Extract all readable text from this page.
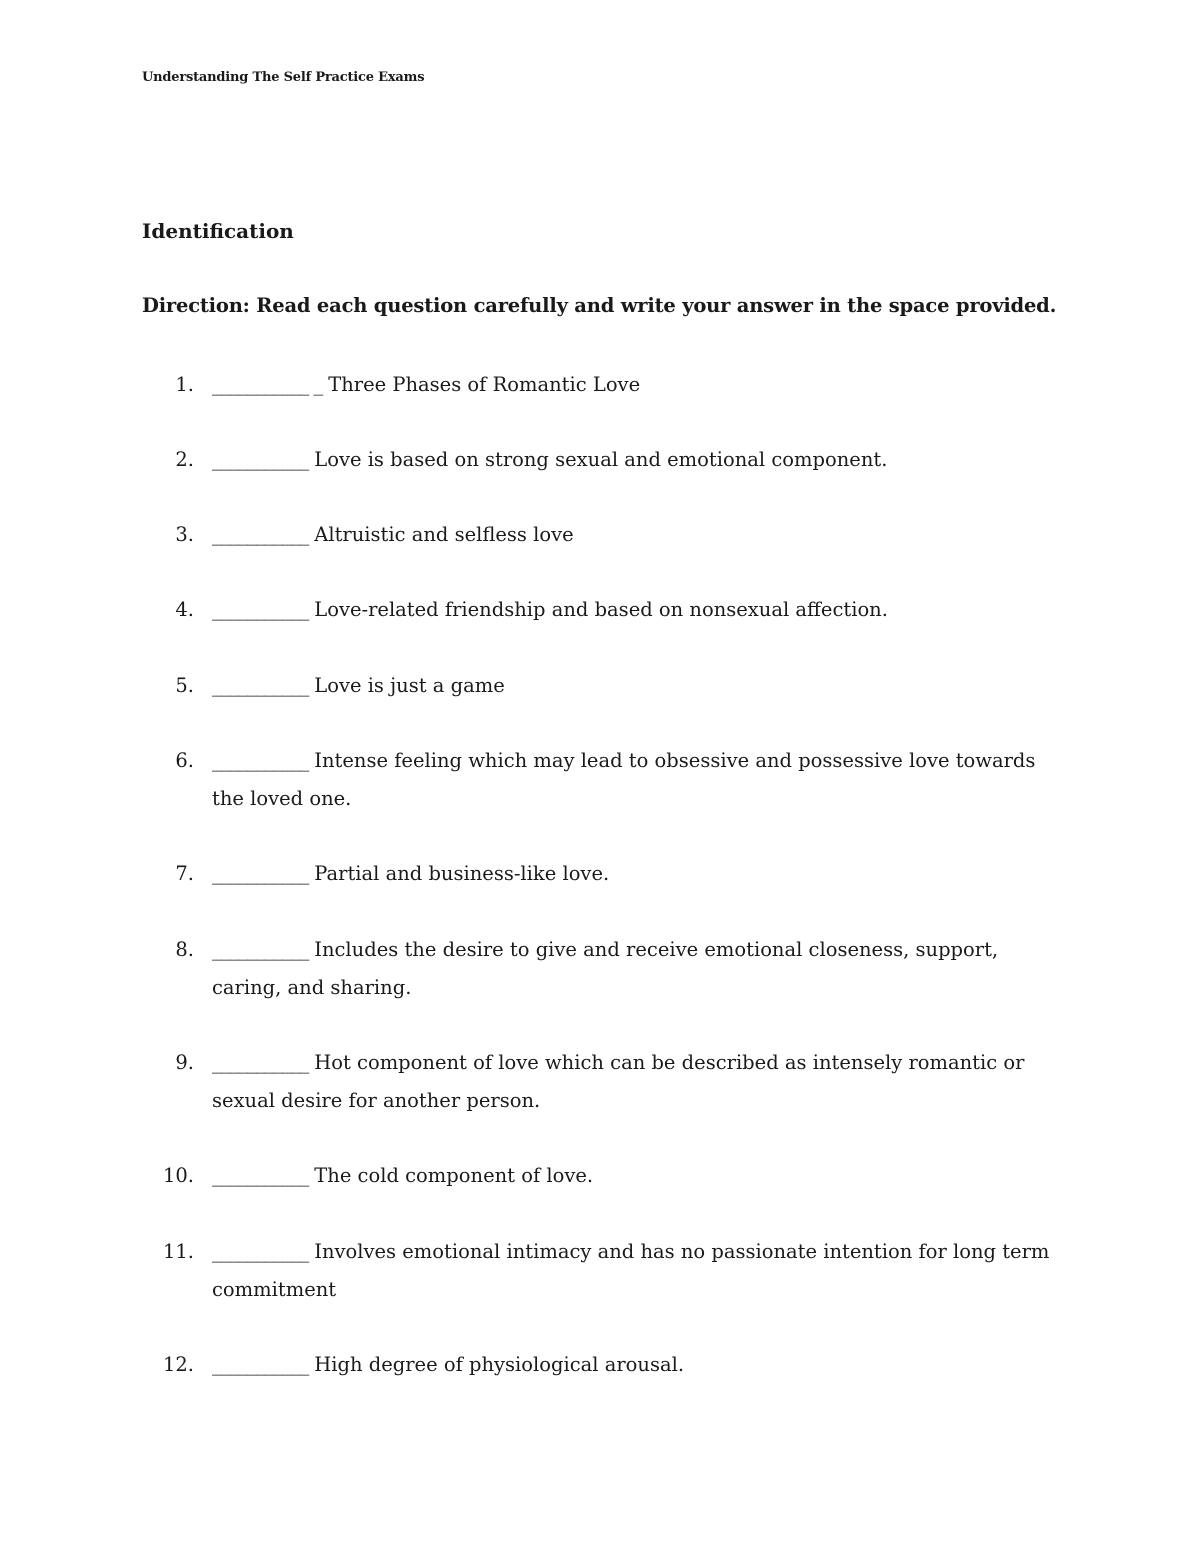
Understanding The Self Practice Exams
Identification
Direction: Read each question carefully and write your answer in the space provided.
1. ___________ _ Three Phases of Romantic Love
2. ___________ Love is based on strong sexual and emotional component.
3. ___________ Altruistic and selfless love
4. ___________ Love-related friendship and based on nonsexual affection.
5. ___________ Love is just a game
6. ___________ Intense feeling which may lead to obsessive and possessive love towards the loved one.
7. ___________ Partial and business-like love.
8. ___________ Includes the desire to give and receive emotional closeness, support, caring, and sharing.
9. ___________ Hot component of love which can be described as intensely romantic or sexual desire for another person.
10. ___________ The cold component of love.
11. ___________ Involves emotional intimacy and has no passionate intention for long term commitment
12. ___________ High degree of physiological arousal.
